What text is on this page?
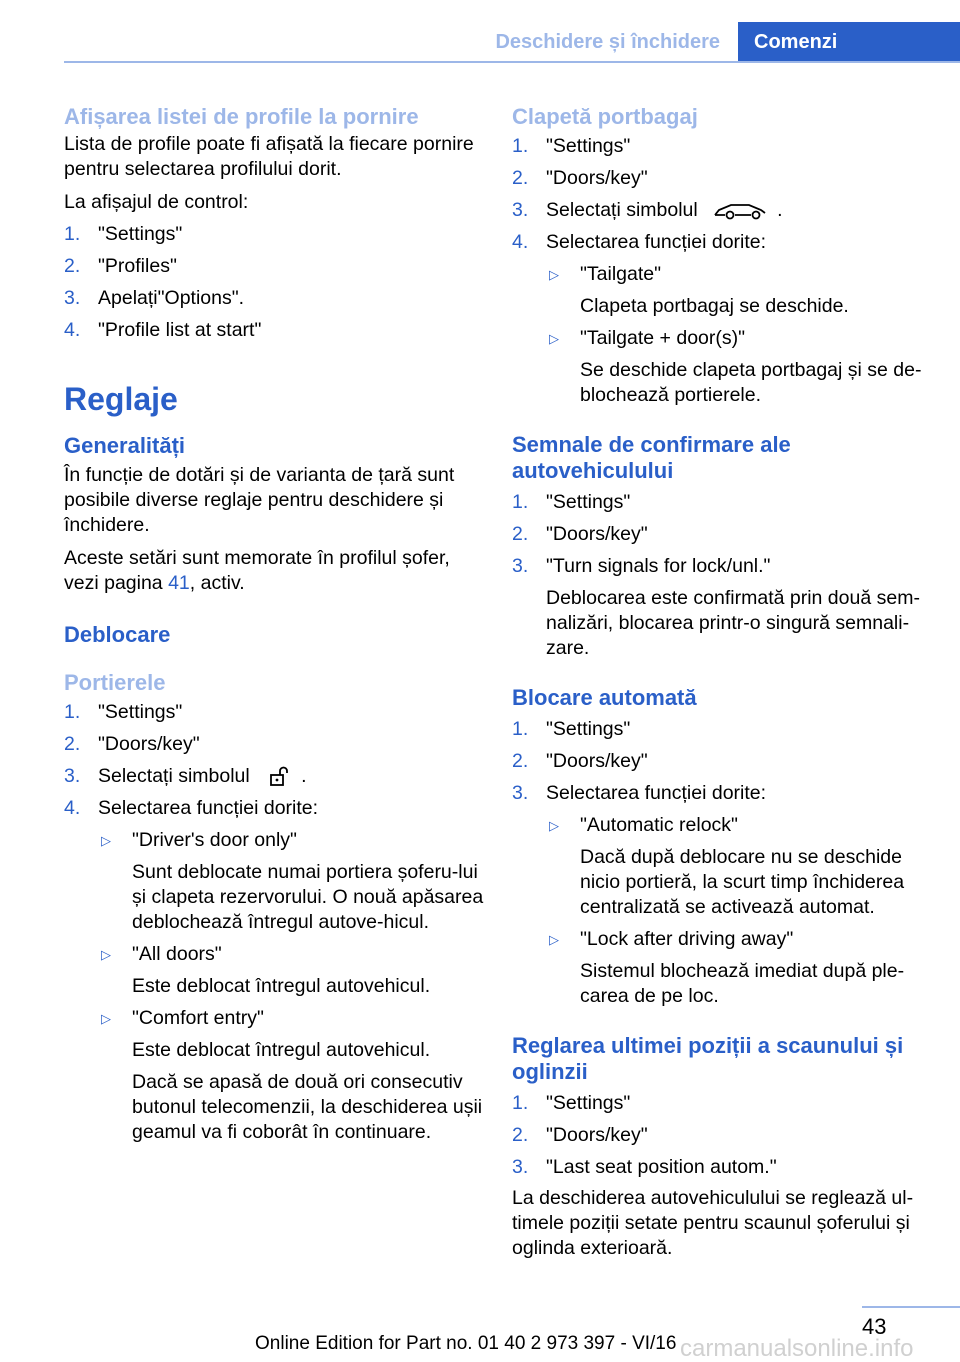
Deschidere și închidere	Comenzi
Afișarea listei de profile la pornire

Lista de profile poate fi afișată la fiecare pornire pentru selectarea profilului dorit.

La afișajul de control:

1. "Settings"
2. "Profiles"
3. Apelați"Options".
4. "Profile list at start"
Reglaje
Generalități

În funcție de dotări și de varianta de țară sunt posibile diverse reglaje pentru deschidere și închidere.

Aceste setări sunt memorate în profilul șofer, vezi pagina 41, activ.

Deblocare
Portierele
1. "Settings"
2. "Doors/key"
3. Selectați simbolul	.
4. Selectarea funcției dorite:
▷ "Driver's door only"
Sunt deblocate numai portiera șoferu-lui și clapeta rezervorului. O nouă apăsarea deblochează întregul autove-hicul.
▷ "All doors"
Este deblocat întregul autovehicul.
▷ "Comfort entry"
Este deblocat întregul autovehicul.
Dacă se apasă de două ori consecutiv butonul telecomenzii, la deschiderea ușii geamul va fi coborât în continuare.
Clapetă portbagaj
1. "Settings"
2. "Doors/key"
3. Selectați simbolul	.
4. Selectarea funcției dorite:
▷ "Tailgate"
Clapeta portbagaj se deschide.
▷ "Tailgate + door(s)"
Se deschide clapeta portbagaj și se de-blochează portierele.
Semnale de confirmare ale autovehiculului
1. "Settings"
2. "Doors/key"
3. "Turn signals for lock/unl."
Deblocarea este confirmată prin două sem-nalizări, blocarea printr-o singură semnali-zare.
Blocare automată
1. "Settings"
2. "Doors/key"
3. Selectarea funcției dorite:
▷ "Automatic relock"
Dacă după deblocare nu se deschide nicio portieră, la scurt timp închiderea centralizată se activează automat.
▷ "Lock after driving away"
Sistemul blochează imediat după ple-carea de pe loc.
Reglarea ultimei poziții a scaunului și oglinzii
1. "Settings"
2. "Doors/key"
3. "Last seat position autom."

La deschiderea autovehiculului se reglează ul-timele poziții setate pentru scaunul șoferului și oglinda exterioară.

43
Online Edition for Part no. 01 40 2 973 397 - VI/16 carmanualsonline.info
